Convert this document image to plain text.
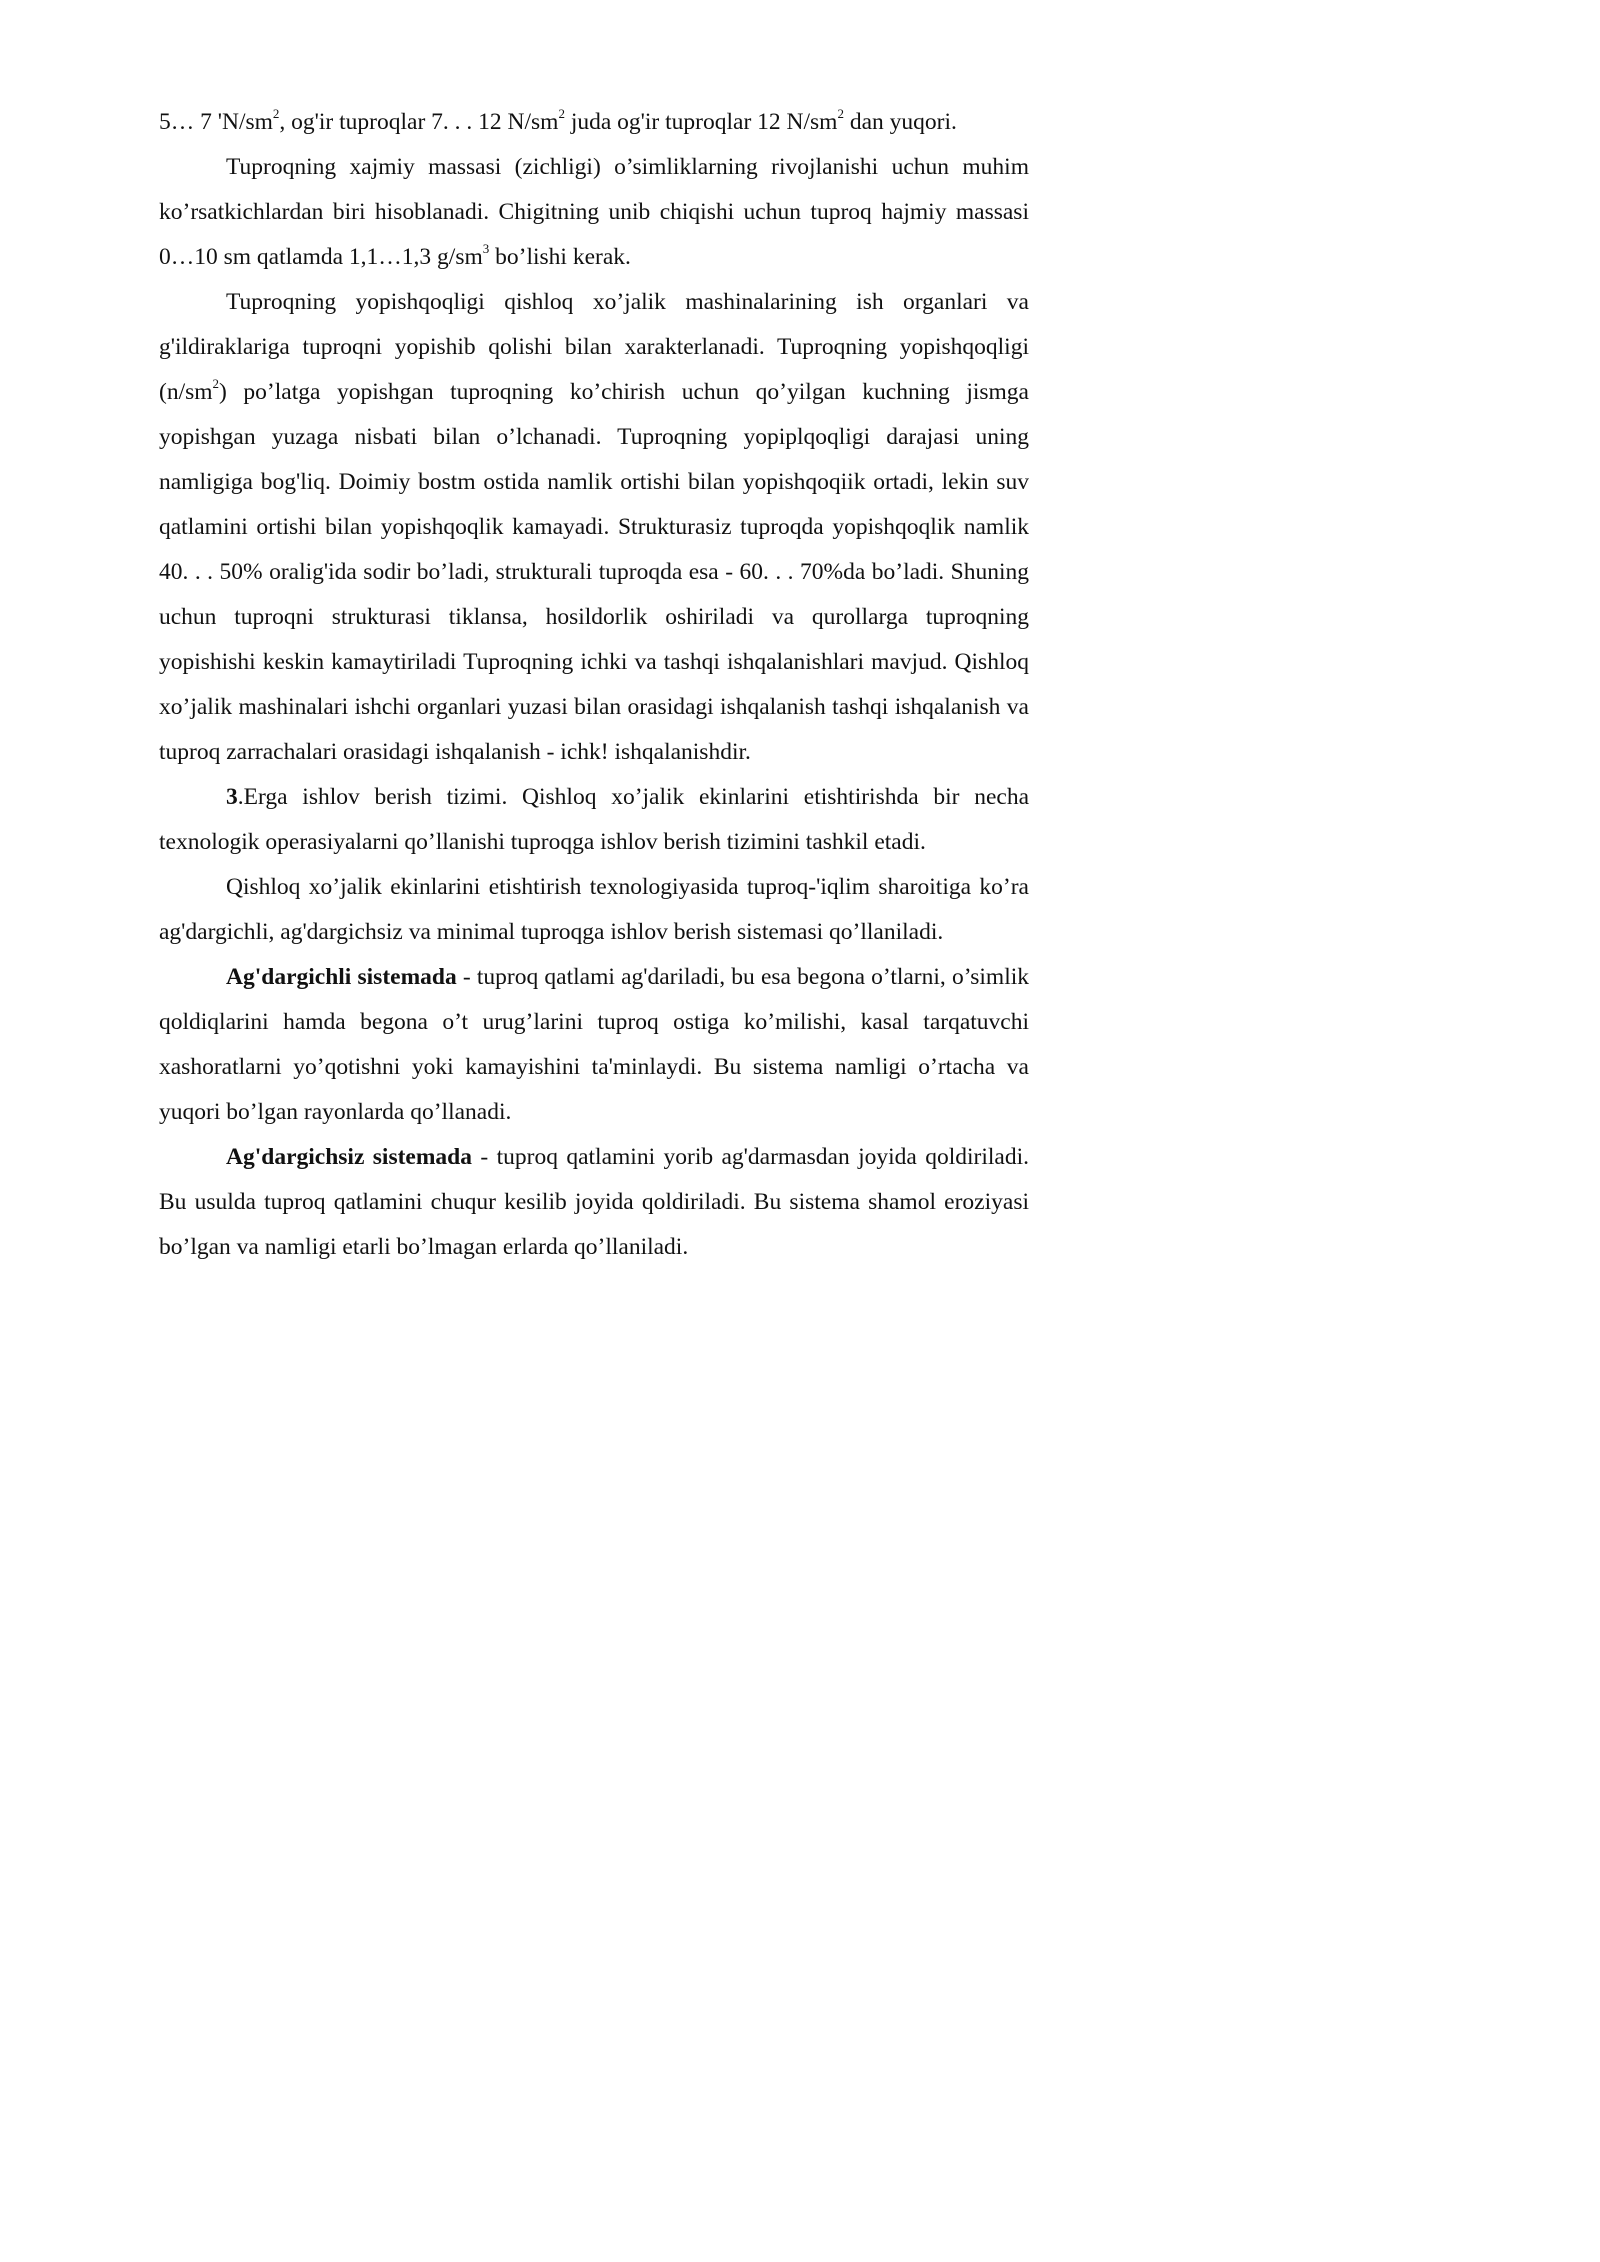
5… 7 '$N/sm^2$, og'ir tuproqlar 7. . . 12 $N/sm^2$ juda og'ir tuproqlar 12 $N/sm^2$ dan yuqori.

Tuproqning xajmiy massasi (zichligi) o’simliklarning rivojlanishi uchun muhim ko’rsatkichlardan biri hisoblanadi. Chigitning unib chiqishi uchun tuproq hajmiy massasi 0…10 sm qatlamda 1,1…1,3 $g/sm^3$ bo’lishi kerak.

Tuproqning yopishqoqligi qishloq xo’jalik mashinalarining ish organlari va g'ildiraklariga tuproqni yopishib qolishi bilan xarakterlanadi. Tuproqning yopishqoqligi $(n/sm^2)$ po’latga yopishgan tuproqning ko’chirish uchun qo’yilgan kuchning jismga yopishgan yuzaga nisbati bilan o’lchanadi. Tuproqning yopiplqoqligi darajasi uning namligiga bog'liq. Doimiy bostm ostida namlik ortishi bilan yopishqoqiik ortadi, lekin suv qatlamini ortishi bilan yopishqoqlik kamayadi. Strukturasiz tuproqda yopishqoqlik namlik 40. . . 50% oralig'ida sodir bo’ladi, strukturali tuproqda esa - 60. . . 70%da bo’ladi. Shuning uchun tuproqni strukturasi tiklansa, hosildorlik oshiriladi va qurollarga tuproqning yopishishi keskin kamaytiriladi Tuproqning ichki va tashqi ishqalanishlari mavjud. Qishloq xo’jalik mashinalari ishchi organlari yuzasi bilan orasidagi ishqalanish tashqi ishqalanish va tuproq zarrachalari orasidagi ishqalanish - ichk! ishqalanishdir.

3.Erga ishlov berish tizimi. Qishloq xo’jalik ekinlarini etishtirishda bir necha texnologik operasiyalarni qo’llanishi tuproqga ishlov berish tizimini tashkil etadi.

Qishloq xo’jalik ekinlarini etishtirish texnologiyasida tuproq-'iqlim sharoitiga ko’ra ag'dargichli, ag'dargichsiz va minimal tuproqga ishlov berish sistemasi qo’llaniladi.

Ag'dargichli sistemada - tuproq qatlami ag'dariladi, bu esa begona o’tlarni, o’simlik qoldiqlarini hamda begona o’t urug’larini tuproq ostiga ko’milishi, kasal tarqatuvchi xashoratlarni yo’qotishni yoki kamayishini ta'minlaydi. Bu sistema namligi o’rtacha va yuqori bo’lgan rayonlarda qo’llanadi.

Ag'dargichsiz sistemada - tuproq qatlamini yorib ag'darmasdan joyida qoldiriladi. Bu usulda tuproq qatlamini chuqur kesilib joyida qoldiriladi. Bu sistema shamol eroziyasi bo’lgan va namligi etarli bo’lmagan erlarda qo’llaniladi.
